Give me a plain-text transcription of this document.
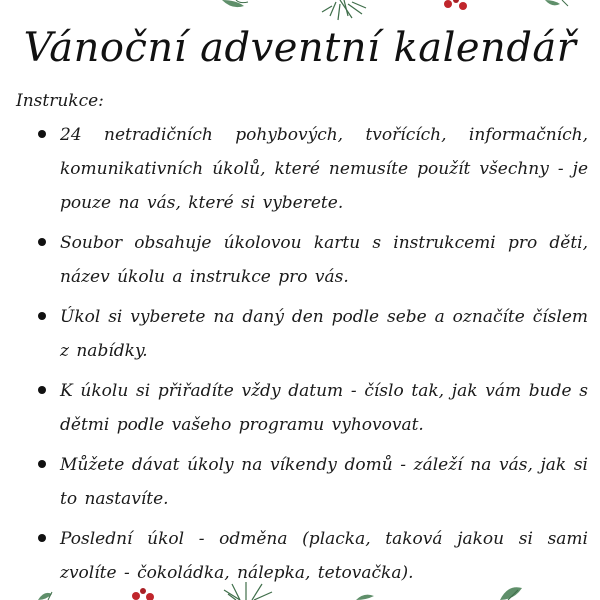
Vánoční adventní kalendář
Instrukce:
24 netradičních pohybových, tvořících, informačních, komunikativních úkolů, které nemusíte použít všechny - je pouze na vás, které si vyberete.
Soubor obsahuje úkolovou kartu s instrukcemi pro děti, název úkolu a instrukce pro vás.
Úkol si vyberete na daný den podle sebe a označíte číslem z nabídky.
K úkolu si přiřadíte vždy datum - číslo tak, jak vám bude s dětmi podle vašeho programu vyhovovat.
Můžete dávat úkoly na víkendy domů - záleží na vás, jak si to nastavíte.
Poslední úkol - odměna (placka, taková jakou si sami zvolíte - čokoládka, nálepka, tetovačka).
